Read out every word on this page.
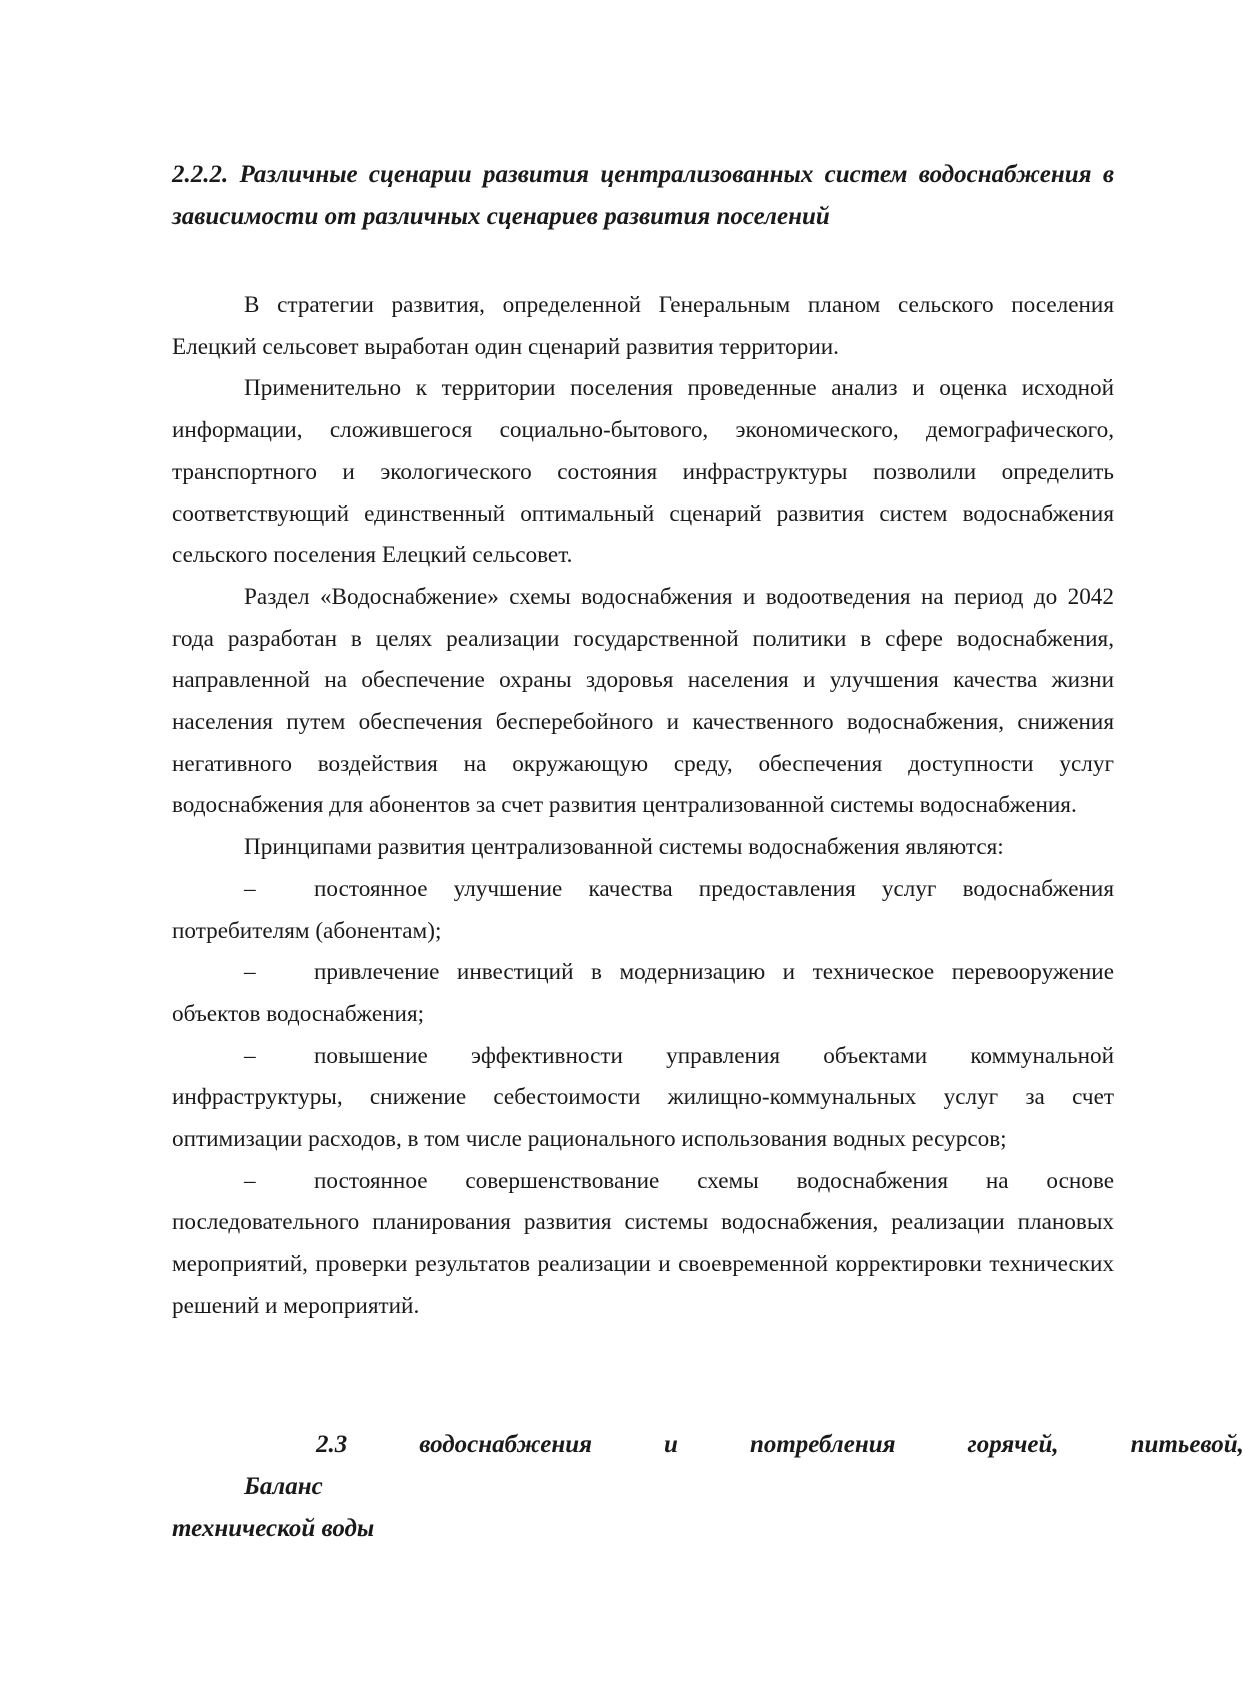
2.2.2. Различные сценарии развития централизованных систем водоснабжения в зависимости от различных сценариев развития поселений

В стратегии развития, определенной Генеральным планом сельского поселения Елецкий сельсовет выработан один сценарий развития территории.

Применительно к территории поселения проведенные анализ и оценка исходной информации, сложившегося социально-бытового, экономического, демографического, транспортного и экологического состояния инфраструктуры позволили определить соответствующий единственный оптимальный сценарий развития систем водоснабжения сельского поселения Елецкий сельсовет.

Раздел «Водоснабжение» схемы водоснабжения и водоотведения на период до 2042 года разработан в целях реализации государственной политики в сфере водоснабжения, направленной на обеспечение охраны здоровья населения и улучшения качества жизни населения путем обеспечения бесперебойного и качественного водоснабжения, снижения негативного воздействия на окружающую среду, обеспечения доступности услуг водоснабжения для абонентов за счет развития централизованной системы водоснабжения.

Принципами развития централизованной системы водоснабжения являются:

–	постоянное улучшение качества предоставления услуг водоснабжения потребителям (абонентам);

–	привлечение инвестиций в модернизацию и техническое перевооружение объектов водоснабжения;

–	повышение эффективности управления объектами коммунальной инфраструктуры, снижение себестоимости жилищно-коммунальных услуг за счет оптимизации расходов, в том числе рационального использования водных ресурсов;

–	постоянное совершенствование схемы водоснабжения на основе последовательного планирования развития системы водоснабжения, реализации плановых мероприятий, проверки результатов реализации и своевременной корректировки технических решений и мероприятий.

2.3 Баланс
водоснабжения	и	потребления	горячей,	питьевой,
технической воды
